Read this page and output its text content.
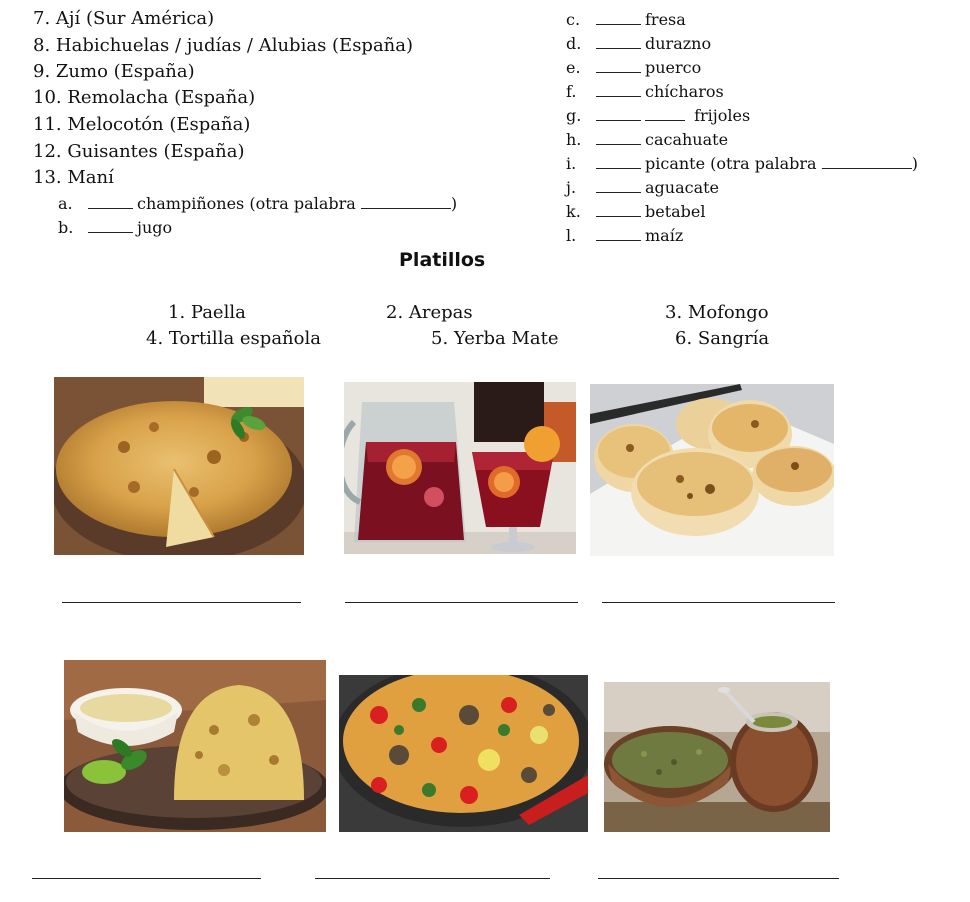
7. Ají (Sur América)
8. Habichuelas / judías / Alubias (España)
9. Zumo (España)
10. Remolacha (España)
11. Melocotón (España)
12. Guisantes (España)
13. Maní
a.	champiñones (otra palabra	)
b.	jugo
c.	fresa
d.	durazno
e.	puerco
f.	chícharos
g.	frijoles
h.	cacahuate
i.	picante (otra palabra	)
j.	aguacate
k.	betabel
l.	maíz
Platillos
1. Paella	2. Arepas	3. Mofongo
4. Tortilla española	5. Yerba Mate	6. Sangría
